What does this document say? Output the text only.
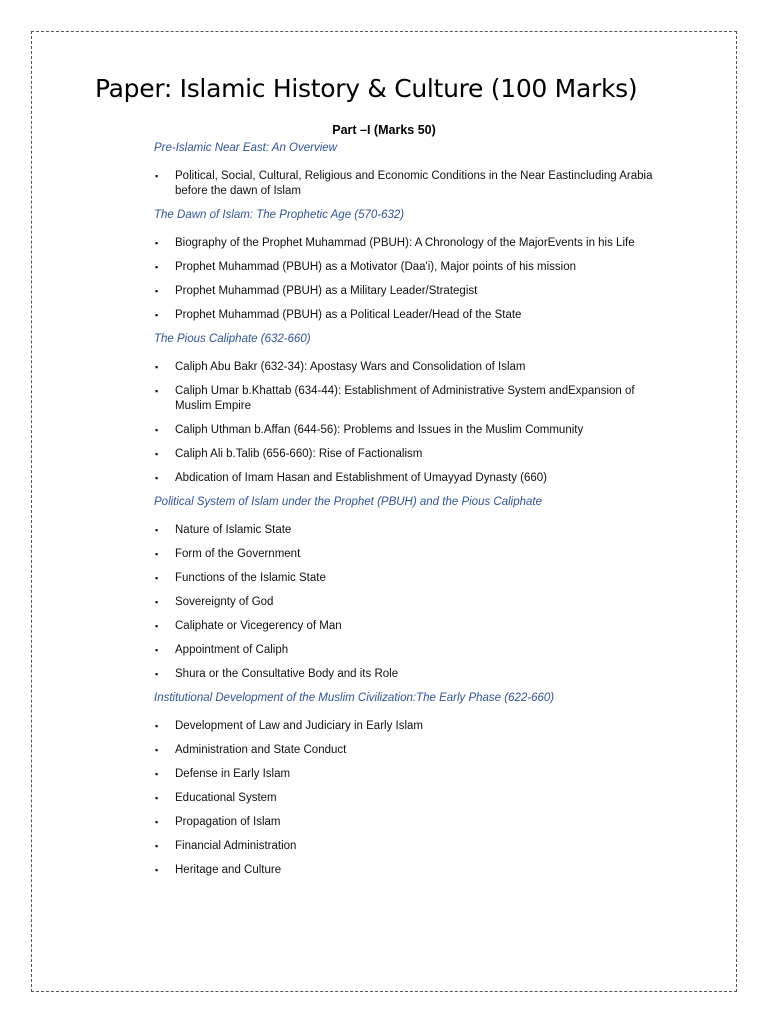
Paper: Islamic History & Culture (100 Marks)
Part –I (Marks 50)
Pre-Islamic Near East: An Overview
▪ Political, Social, Cultural, Religious and Economic Conditions in the Near Eastincluding Arabia before the dawn of Islam
The Dawn of Islam: The Prophetic Age (570-632)
▪ Biography of the Prophet Muhammad (PBUH): A Chronology of the MajorEvents in his Life
▪ Prophet Muhammad (PBUH) as a Motivator (Daa'i), Major points of his mission
▪ Prophet Muhammad (PBUH) as a Military Leader/Strategist
▪ Prophet Muhammad (PBUH) as a Political Leader/Head of the State
The Pious Caliphate (632-660)
▪ Caliph Abu Bakr (632-34): Apostasy Wars and Consolidation of Islam
▪ Caliph Umar b.Khattab (634-44): Establishment of Administrative System andExpansion of Muslim Empire
▪ Caliph Uthman b.Affan (644-56): Problems and Issues in the Muslim Community
▪ Caliph Ali b.Talib (656-660): Rise of Factionalism
▪ Abdication of Imam Hasan and Establishment of Umayyad Dynasty (660)
Political System of Islam under the Prophet (PBUH) and the Pious Caliphate
▪ Nature of Islamic State
▪ Form of the Government
▪ Functions of the Islamic State
▪ Sovereignty of God
▪ Caliphate or Vicegerency of Man
▪ Appointment of Caliph
▪ Shura or the Consultative Body and its Role
Institutional Development of the Muslim Civilization:The Early Phase (622-660)
▪ Development of Law and Judiciary in Early Islam
▪ Administration and State Conduct
▪ Defense in Early Islam
▪ Educational System
▪ Propagation of Islam
▪ Financial Administration
▪ Heritage and Culture
